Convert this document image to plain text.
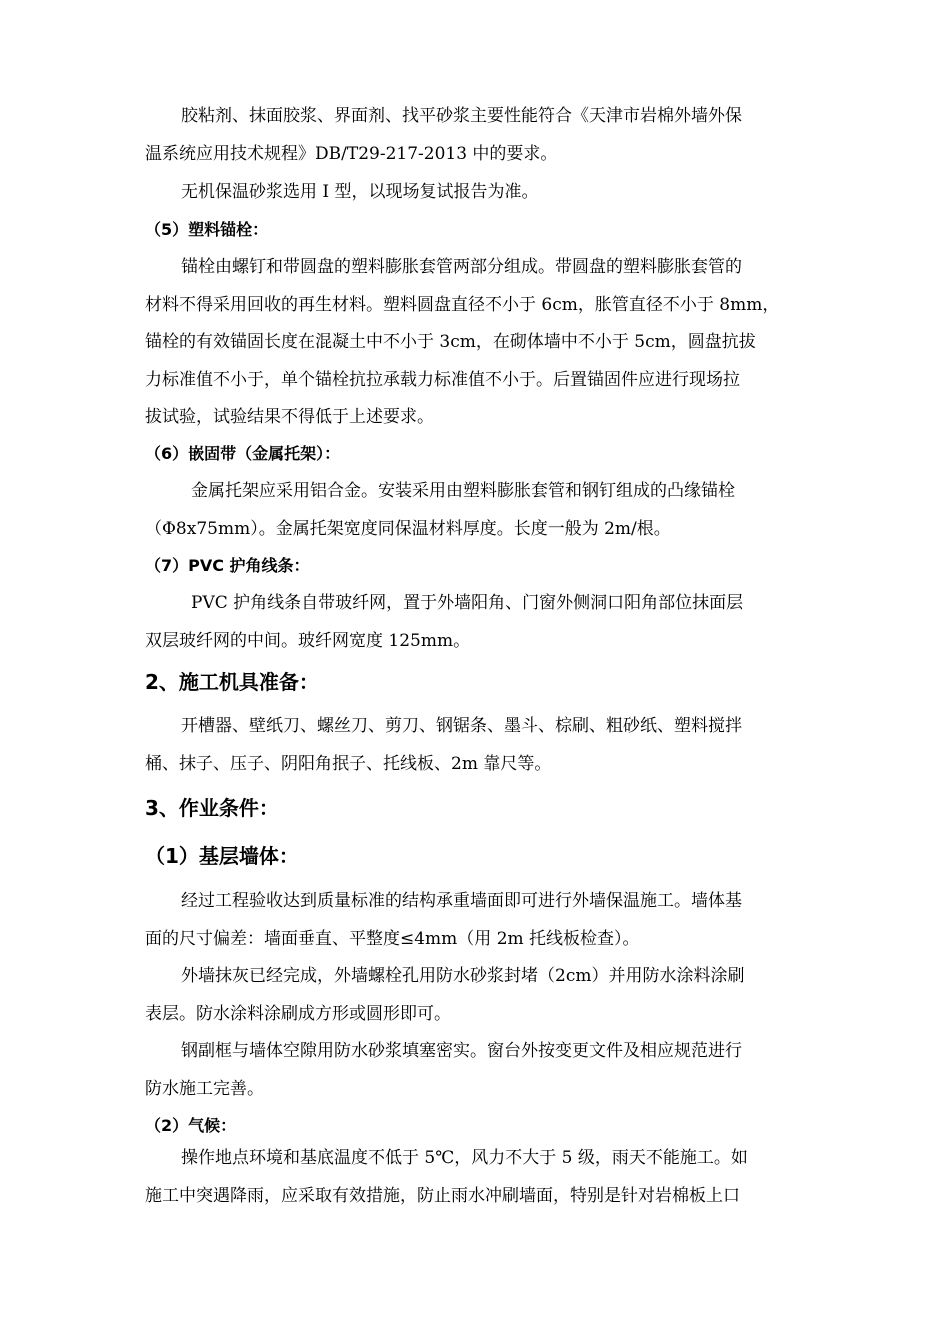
胶粘剂、抹面胶浆、界面剂、找平砂浆主要性能符合《天津市岩棉外墙外保
温系统应用技术规程》DB/T29-217-2013 中的要求。
无机保温砂浆选用 I 型，以现场复试报告为准。
（5）塑料锚栓：
锚栓由螺钉和带圆盘的塑料膨胀套管两部分组成。带圆盘的塑料膨胀套管的
材料不得采用回收的再生材料。塑料圆盘直径不小于 6cm，胀管直径不小于 8mm，
锚栓的有效锚固长度在混凝土中不小于 3cm，在砌体墙中不小于 5cm，圆盘抗拔
力标准值不小于，单个锚栓抗拉承载力标准值不小于。后置锚固件应进行现场拉
拔试验，试验结果不得低于上述要求。
（6）嵌固带（金属托架）：
金属托架应采用铝合金。安装采用由塑料膨胀套管和钢钉组成的凸缘锚栓
（Φ8x75mm）。金属托架宽度同保温材料厚度。长度一般为 2m/根。
（7）PVC 护角线条：
PVC 护角线条自带玻纤网，置于外墙阳角、门窗外侧洞口阳角部位抹面层
双层玻纤网的中间。玻纤网宽度 125mm。
2、施工机具准备：
开槽器、壁纸刀、螺丝刀、剪刀、钢锯条、墨斗、棕刷、粗砂纸、塑料搅拌
桶、抹子、压子、阴阳角抿子、托线板、2m 靠尺等。
3、作业条件：
（1）基层墙体：
经过工程验收达到质量标准的结构承重墙面即可进行外墙保温施工。墙体基
面的尺寸偏差：墙面垂直、平整度≤4mm（用 2m 托线板检查）。
外墙抹灰已经完成，外墙螺栓孔用防水砂浆封堵（2cm）并用防水涂料涂刷
表层。防水涂料涂刷成方形或圆形即可。
钢副框与墙体空隙用防水砂浆填塞密实。窗台外按变更文件及相应规范进行
防水施工完善。
（2）气候：
操作地点环境和基底温度不低于 5℃，风力不大于 5 级，雨天不能施工。如
施工中突遇降雨，应采取有效措施，防止雨水冲刷墙面，特别是针对岩棉板上口
